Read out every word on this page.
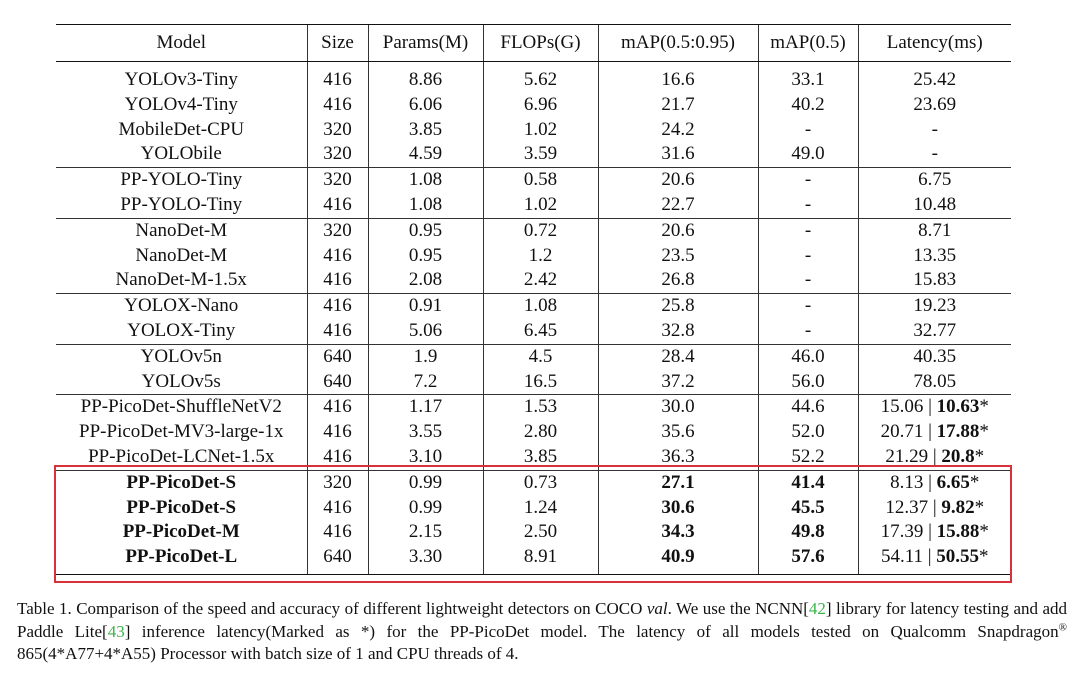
Model	Size	Params(M)	FLOPs(G)	mAP(0.5:0.95)	mAP(0.5)	Latency(ms)
YOLOv3-Tiny	416	8.86	5.62	16.6	33.1	25.42
YOLOv4-Tiny	416	6.06	6.96	21.7	40.2	23.69
MobileDet-CPU	320	3.85	1.02	24.2	-	-
YOLObile	320	4.59	3.59	31.6	49.0	-
PP-YOLO-Tiny	320	1.08	0.58	20.6	-	6.75
PP-YOLO-Tiny	416	1.08	1.02	22.7	-	10.48
NanoDet-M	320	0.95	0.72	20.6	-	8.71
NanoDet-M	416	0.95	1.2	23.5	-	13.35
NanoDet-M-1.5x	416	2.08	2.42	26.8	-	15.83
YOLOX-Nano	416	0.91	1.08	25.8	-	19.23
YOLOX-Tiny	416	5.06	6.45	32.8	-	32.77
YOLOv5n	640	1.9	4.5	28.4	46.0	40.35
YOLOv5s	640	7.2	16.5	37.2	56.0	78.05
PP-PicoDet-ShuffleNetV2	416	1.17	1.53	30.0	44.6	15.06 | 10.63*
PP-PicoDet-MV3-large-1x	416	3.55	2.80	35.6	52.0	20.71 | 17.88*
PP-PicoDet-LCNet-1.5x	416	3.10	3.85	36.3	52.2	21.29 | 20.8*
PP-PicoDet-S	320	0.99	0.73	27.1	41.4	8.13 | 6.65*
PP-PicoDet-S	416	0.99	1.24	30.6	45.5	12.37 | 9.82*
PP-PicoDet-M	416	2.15	2.50	34.3	49.8	17.39 | 15.88*
PP-PicoDet-L	640	3.30	8.91	40.9	57.6	54.11 | 50.55*
Table 1. Comparison of the speed and accuracy of different lightweight detectors on COCO val. We use the NCNN[42] library for latency testing and add Paddle Lite[43] inference latency(Marked as *) for the PP-PicoDet model. The latency of all models tested on Qualcomm Snapdragon® 865(4*A77+4*A55) Processor with batch size of 1 and CPU threads of 4.
